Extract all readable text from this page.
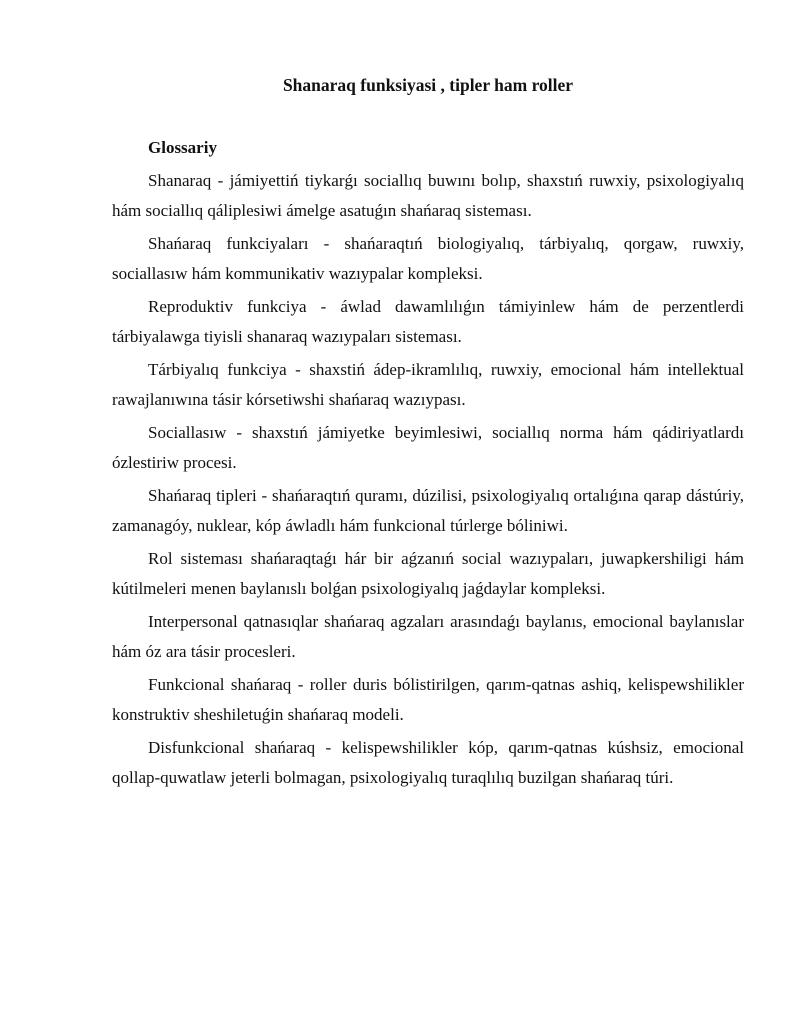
Shanaraq funksiyasi , tipler ham roller

Glossariy

Shanaraq - jámiyettiń tiykarǵı sociallıq buwını bolıp, shaxstıń ruwxiy, psixologiyalıq hám sociallıq qáliplesiwi ámelge asatuǵın shańaraq sisteması.

Shańaraq funkciyaları - shańaraqtıń biologiyalıq, tárbiyalıq, qorgaw, ruwxiy, sociallasıw hám kommunikativ wazıypalar kompleksi.

Reproduktiv funkciya - áwlad dawamlılıǵın támiyinlew hám de perzentlerdi tárbiyalawga tiyisli shanaraq wazıypaları sisteması.

Tárbiyalıq funkciya - shaxstiń ádep-ikramlılıq, ruwxiy, emocional hám intellektual rawajlanıwına tásir kórsetiwshi shańaraq wazıypası.

Sociallasıw - shaxstıń jámiyetke beyimlesiwi, sociallıq norma hám qádiriyatlardı ózlestiriw procesi.

Shańaraq tipleri - shańaraqtıń quramı, dúzilisi, psixologiyalıq ortalıǵına qarap dástúriy, zamanagóy, nuklear, kóp áwladlı hám funkcional túrlerge bóliniwi.

Rol sisteması shańaraqtaǵı hár bir aǵzanıń social wazıypaları, juwapkershiligi hám kútilmeleri menen baylanıslı bolǵan psixologiyalıq jaǵdaylar kompleksi.

Interpersonal qatnasıqlar shańaraq agzaları arasındaǵı baylanıs, emocional baylanıslar hám óz ara tásir procesleri.

Funkcional shańaraq - roller duris bólistirilgen, qarım-qatnas ashiq, kelispewshilikler konstruktiv sheshiletuǵin shańaraq modeli.

Disfunkcional shańaraq - kelispewshilikler kóp, qarım-qatnas kúshsiz, emocional qollap-quwatlaw jeterli bolmagan, psixologiyalıq turaqlılıq buzilgan shańaraq túri.
